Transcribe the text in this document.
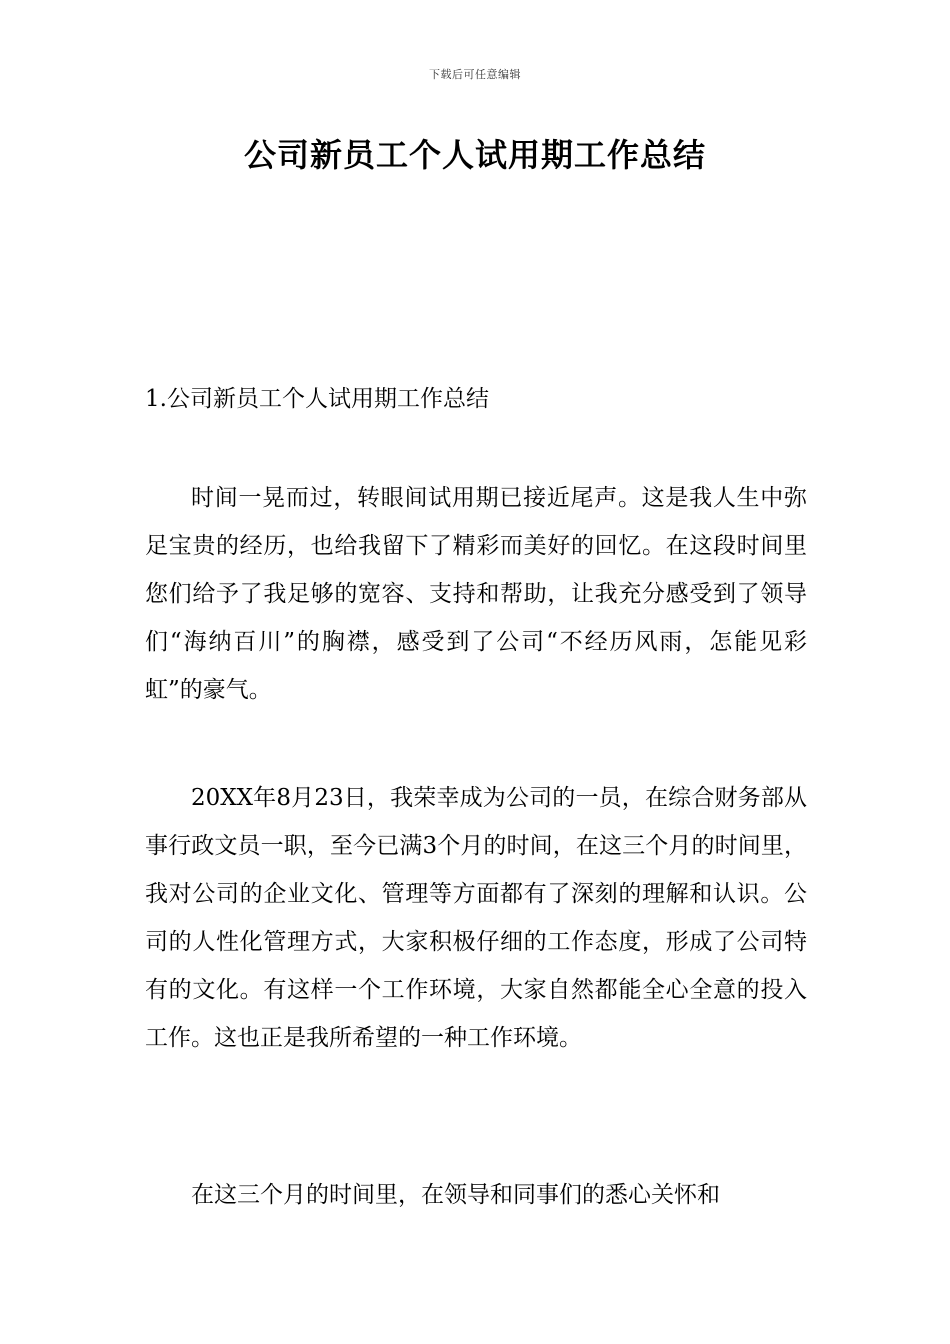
下载后可任意编辑
公司新员工个人试用期工作总结
1.公司新员工个人试用期工作总结

时间一晃而过，转眼间试用期已接近尾声。这是我人生中弥足宝贵的经历，也给我留下了精彩而美好的回忆。在这段时间里您们给予了我足够的宽容、支持和帮助，让我充分感受到了领导们“海纳百川”的胸襟，感受到了公司“不经历风雨，怎能见彩虹”的豪气。

20XX年8月23日，我荣幸成为公司的一员，在综合财务部从事行政文员一职，至今已满3个月的时间，在这三个月的时间里，我对公司的企业文化、管理等方面都有了深刻的理解和认识。公司的人性化管理方式，大家积极仔细的工作态度，形成了公司特有的文化。有这样一个工作环境，大家自然都能全心全意的投入工作。这也正是我所希望的一种工作环境。

在这三个月的时间里，在领导和同事们的悉心关怀和
